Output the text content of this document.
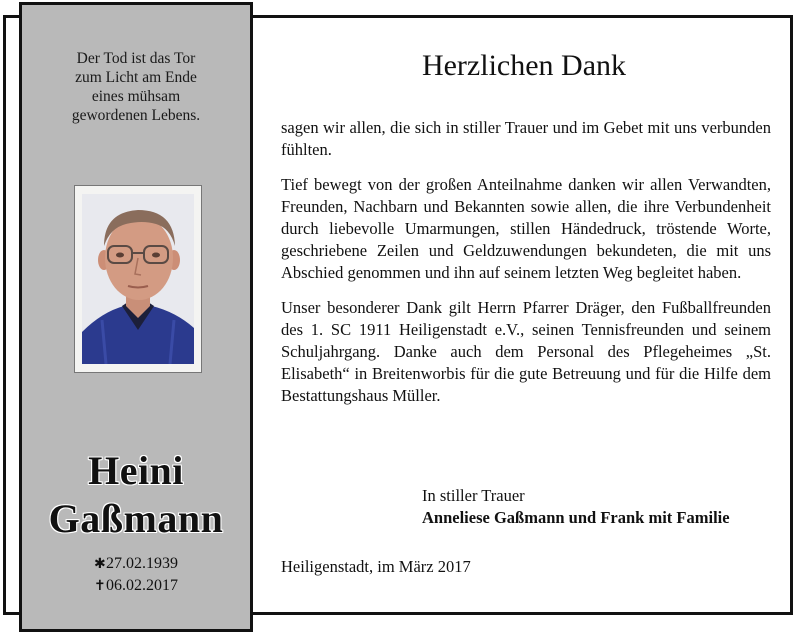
Der Tod ist das Tor
zum Licht am Ende
eines mühsam
gewordenen Lebens.
Heini
Gaßmann
✱27.02.1939
✝06.02.2017
Herzlichen Dank

sagen wir allen, die sich in stiller Trauer und im Gebet mit uns verbunden fühlten.

Tief bewegt von der großen Anteilnahme danken wir allen Verwandten, Freunden, Nachbarn und Bekannten sowie allen, die ihre Verbundenheit durch liebevolle Umarmungen, stillen Händedruck, tröstende Worte, geschriebene Zeilen und Geldzuwendungen bekundeten, die mit uns Abschied genommen und ihn auf seinem letzten Weg begleitet haben.

Unser besonderer Dank gilt Herrn Pfarrer Dräger, den Fußballfreunden des 1. SC 1911 Heiligenstadt e.V., seinen Tennisfreunden und seinem Schuljahrgang. Danke auch dem Personal des Pflegeheimes „St. Elisabeth“ in Breitenworbis für die gute Betreuung und für die Hilfe dem Bestattungshaus Müller.

In stiller Trauer
Anneliese Gaßmann und Frank mit Familie
Heiligenstadt, im März 2017
